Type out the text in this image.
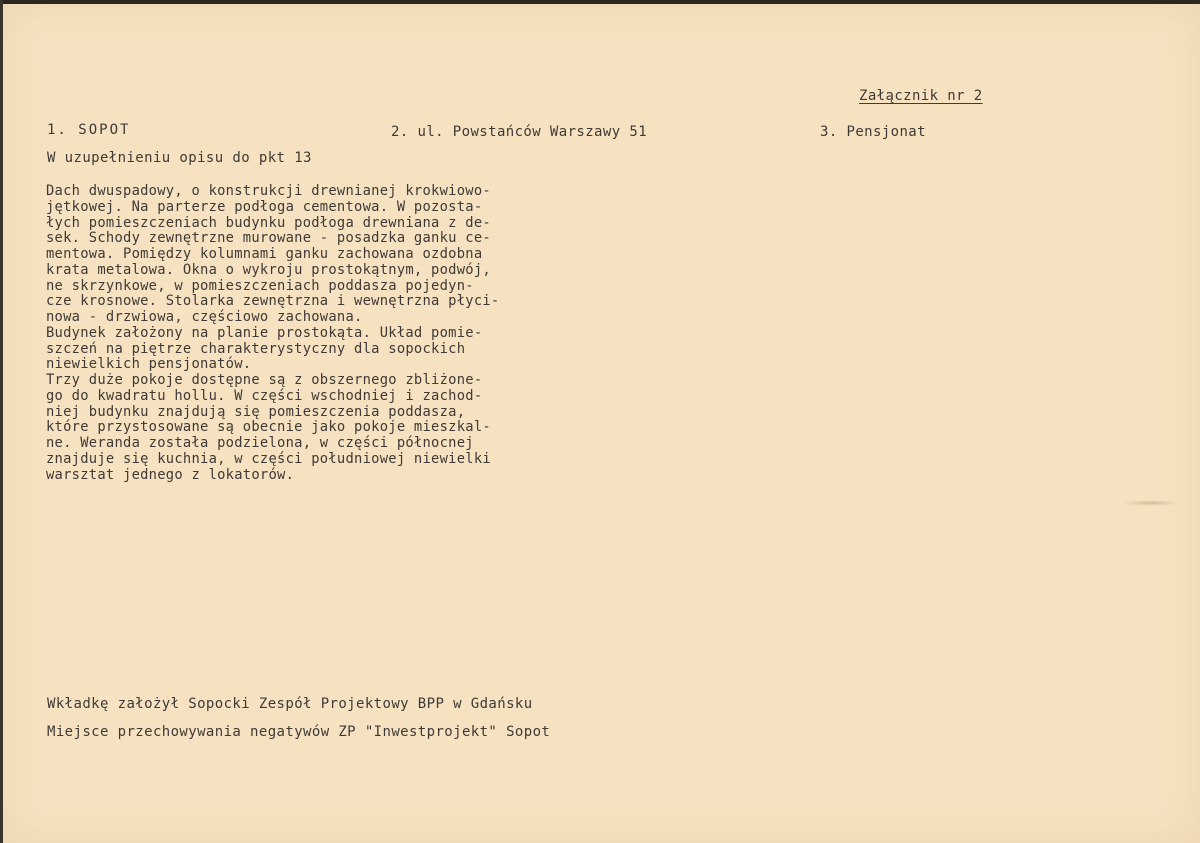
Załącznik nr 2
1. SOPOT	2. ul. Powstańców Warszawy 51	3. Pensjonat
W uzupełnieniu opisu do pkt 13
Dach dwuspadowy, o konstrukcji drewnianej krokwiowo-
jętkowej. Na parterze podłoga cementowa. W pozosta-
łych pomieszczeniach budynku podłoga drewniana z de-
sek. Schody zewnętrzne murowane - posadzka ganku ce-
mentowa. Pomiędzy kolumnami ganku zachowana ozdobna
krata metalowa. Okna o wykroju prostokątnym, podwój,
ne skrzynkowe, w pomieszczeniach poddasza pojedyn-
cze krosnowe. Stolarka zewnętrzna i wewnętrzna płyci-
nowa - drzwiowa, częściowo zachowana.
Budynek założony na planie prostokąta. Układ pomie-
szczeń na piętrze charakterystyczny dla sopockich
niewielkich pensjonatów.
Trzy duże pokoje dostępne są z obszernego zbliżone-
go do kwadratu hollu. W części wschodniej i zachod-
niej budynku znajdują się pomieszczenia poddasza,
które przystosowane są obecnie jako pokoje mieszkal-
ne. Weranda została podzielona, w części północnej
znajduje się kuchnia, w części południowej niewielki
warsztat jednego z lokatorów.
Wkładkę założył Sopocki Zespół Projektowy BPP w Gdańsku
Miejsce przechowywania negatywów ZP "Inwestprojekt" Sopot
